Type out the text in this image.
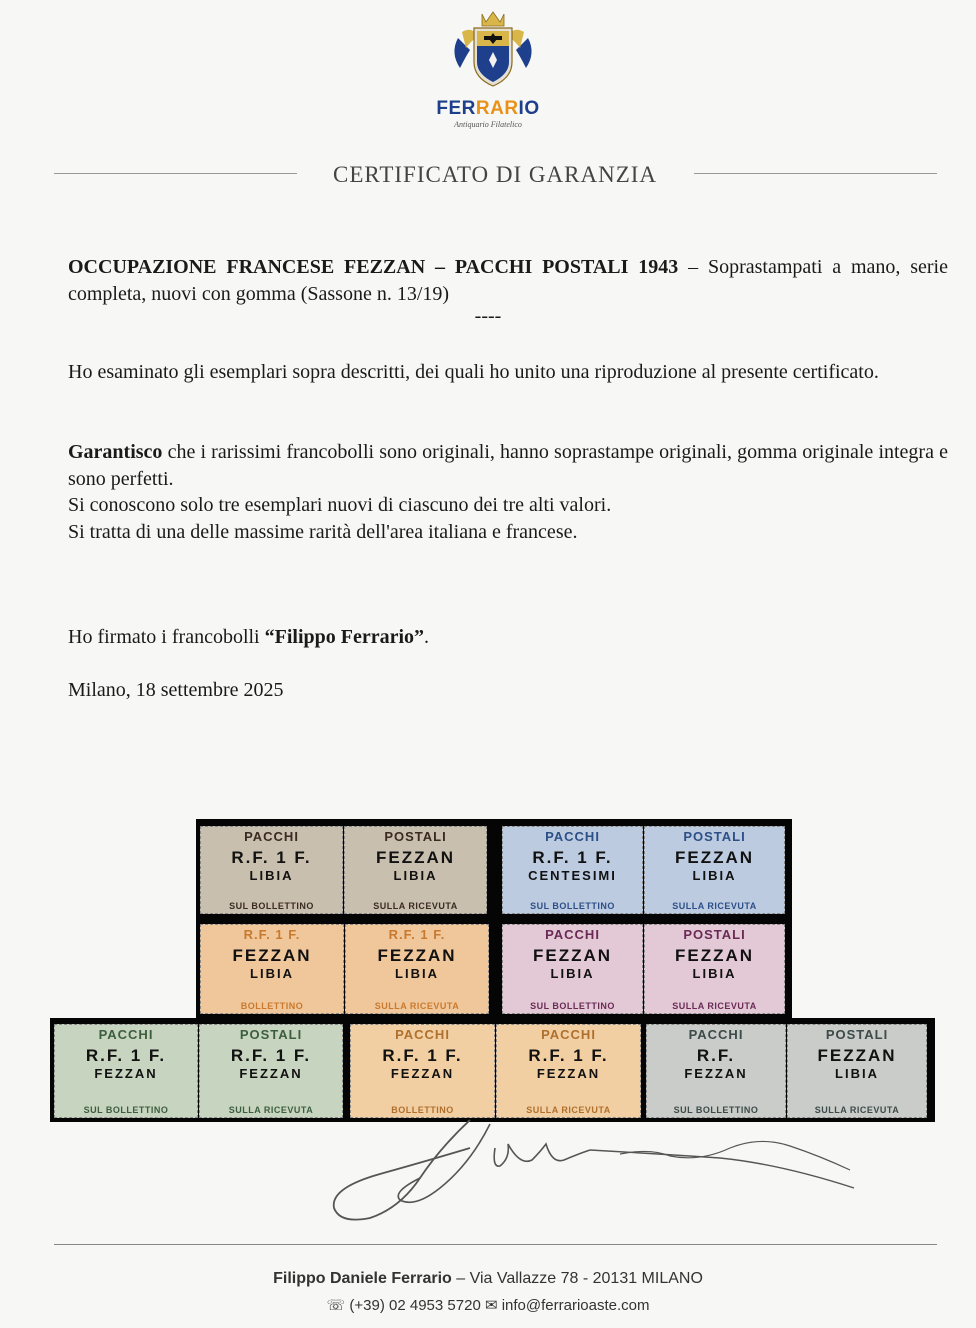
FERRARIO
Antiquario Filatelico
CERTIFICATO DI GARANZIA
OCCUPAZIONE FRANCESE FEZZAN – PACCHI POSTALI 1943 – Soprastampati a mano, serie completa, nuovi con gomma (Sassone n. 13/19)
----
Ho esaminato gli esemplari sopra descritti, dei quali ho unito una riproduzione al presente certificato.
Garantisco che i rarissimi francobolli sono originali, hanno soprastampe originali, gomma originale integra e sono perfetti.
Si conoscono solo tre esemplari nuovi di ciascuno dei tre alti valori.
Si tratta di una delle massime rarità dell'area italiana e francese.
Ho firmato i francobolli “Filippo Ferrario”.
Milano, 18 settembre 2025
PACCHI
R.F. 1 F.
LIBIA
SUL BOLLETTINO
POSTALI
FEZZAN
LIBIA
SULLA RICEVUTA
PACCHI
R.F. 1 F.
CENTESIMI
SUL BOLLETTINO
POSTALI
FEZZAN
LIBIA
SULLA RICEVUTA
R.F. 1 F.
FEZZAN
LIBIA
BOLLETTINO
R.F. 1 F.
FEZZAN
LIBIA
SULLA RICEVUTA
PACCHI
FEZZAN
LIBIA
SUL BOLLETTINO
POSTALI
FEZZAN
LIBIA
SULLA RICEVUTA
PACCHI
R.F. 1 F.
FEZZAN
SUL BOLLETTINO
POSTALI
R.F. 1 F.
FEZZAN
SULLA RICEVUTA
PACCHI
R.F. 1 F.
FEZZAN
BOLLETTINO
PACCHI
R.F. 1 F.
FEZZAN
SULLA RICEVUTA
PACCHI
R.F.
FEZZAN
SUL BOLLETTINO
POSTALI
FEZZAN
LIBIA
SULLA RICEVUTA
Filippo Daniele Ferrario – Via Vallazze 78 - 20131 MILANO
☏ (+39) 02 4953 5720 ✉ info@ferrarioaste.com
